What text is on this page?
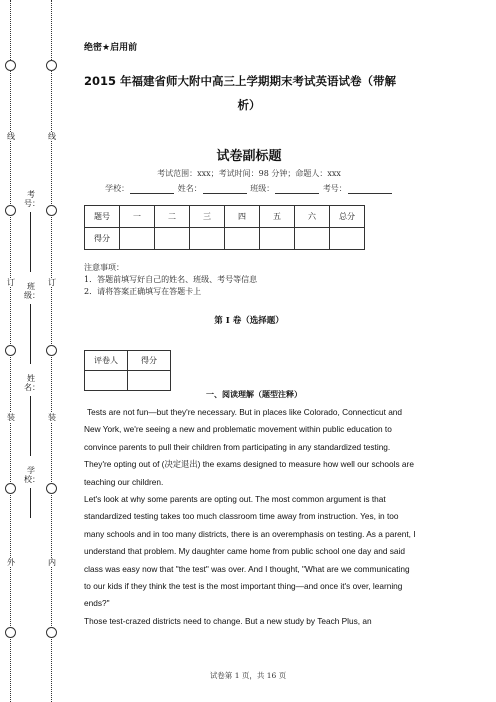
线
订
装
外
考号：
班级：
姓名：
学校：
线
订
装
内
绝密★启用前
2015 年福建省师大附中高三上学期期末考试英语试卷（带解
析）
试卷副标题
考试范围：xxx；考试时间：98 分钟；命题人：xxx
学校：	姓名：	班级：	考号：
题号	一	二	三	四	五	六	总分
得分							
注意事项：
1．答题前填写好自己的姓名、班级、考号等信息
2．请将答案正确填写在答题卡上
第 I 卷（选择题）
评卷人	得分

一、阅读理解（题型注释）

Tests are not fun—but they're necessary. But in places like Colorado, Connecticut and New York, we're seeing a new and problematic movement within public education to convince parents to pull their children from participating in any standardized testing. They're opting out of (决定退出) the exams designed to measure how well our schools are teaching our children.

Let's look at why some parents are opting out. The most common argument is that standardized testing takes too much classroom time away from instruction. Yes, in too many schools and in too many districts, there is an overemphasis on testing. As a parent, I understand that problem. My daughter came home from public school one day and said class was easy now that "the test" was over. And I thought, "What are we communicating to our kids if they think the test is the most important thing—and once it's over, learning ends?"

Those test-crazed districts need to change. But a new study by Teach Plus, an

试卷第 1 页，共 16 页
